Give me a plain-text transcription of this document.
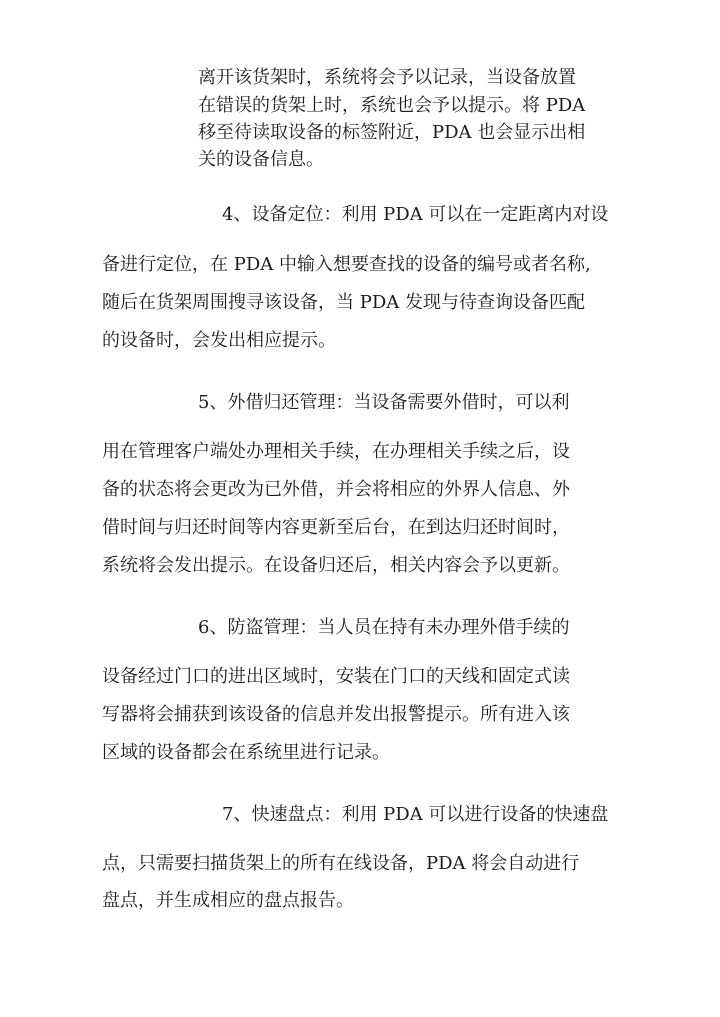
离开该货架时，系统将会予以记录，当设备放置
在错误的货架上时，系统也会予以提示。将 PDA
移至待读取设备的标签附近，PDA 也会显示出相
关的设备信息。
4、设备定位：利用 PDA 可以在一定距离内对设
备进行定位，在 PDA 中输入想要查找的设备的编号或者名称,
随后在货架周围搜寻该设备，当 PDA 发现与待查询设备匹配
的设备时，会发出相应提示。
5、外借归还管理：当设备需要外借时，可以利
用在管理客户端处办理相关手续，在办理相关手续之后，设
备的状态将会更改为已外借，并会将相应的外界人信息、外
借时间与归还时间等内容更新至后台，在到达归还时间时，
系统将会发出提示。在设备归还后，相关内容会予以更新。
6、防盗管理：当人员在持有未办理外借手续的
设备经过门口的进出区域时，安装在门口的天线和固定式读
写器将会捕获到该设备的信息并发出报警提示。所有进入该
区域的设备都会在系统里进行记录。
7、快速盘点：利用 PDA 可以进行设备的快速盘
点，只需要扫描货架上的所有在线设备，PDA 将会自动进行
盘点，并生成相应的盘点报告。
